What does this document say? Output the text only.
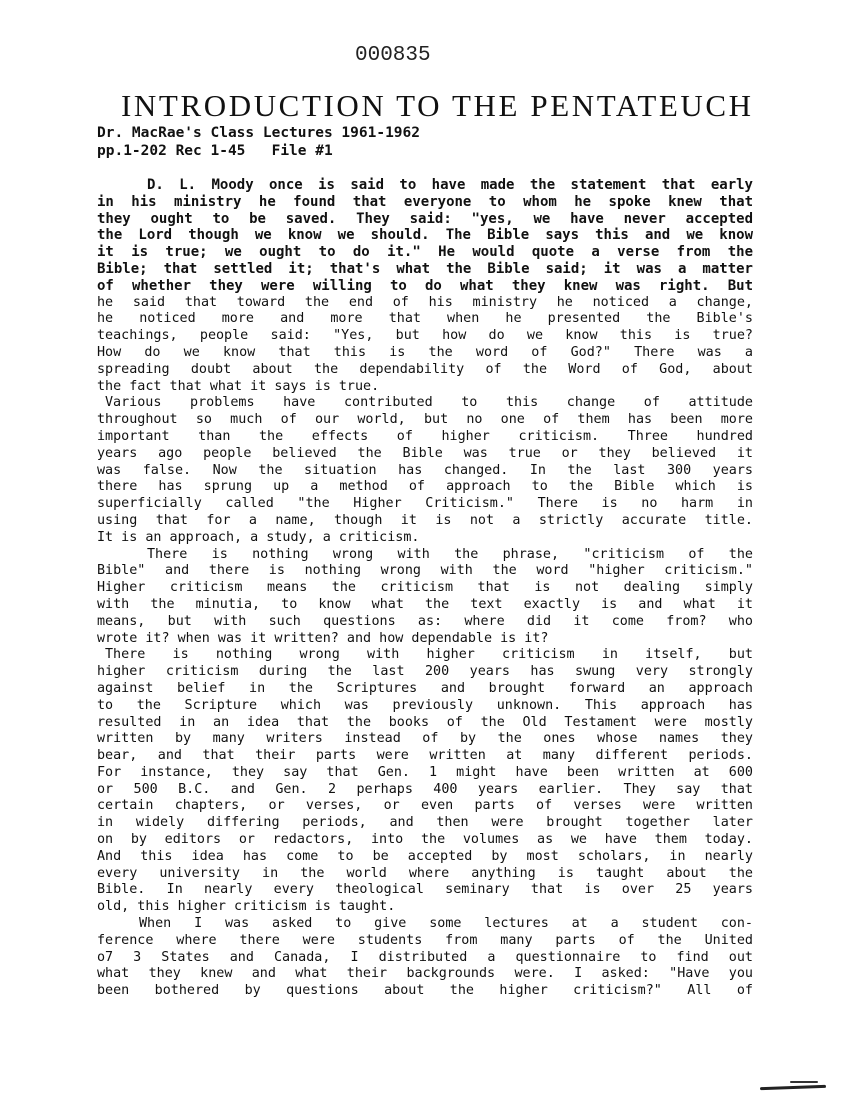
000835
INTRODUCTION TO THE PENTATEUCH
Dr. MacRae's Class Lectures 1961-1962
pp.1-202 Rec 1-45   File #1
D. L. Moody once is said to have made the statement that early
in his ministry he found that everyone to whom he spoke knew that
they ought to be saved. They said: "yes, we have never accepted
the Lord though we know we should. The Bible says this and we know
it is true; we ought to do it." He would quote a verse from the
Bible; that settled it; that's what the Bible said; it was a matter
of whether they were willing to do what they knew was right. But
he said that toward the end of his ministry he noticed a change,
he noticed more and more that when he presented the Bible's
teachings, people said: "Yes, but how do we know this is true?
How do we know that this is the word of God?" There was a
spreading doubt about the dependability of the Word of God, about
the fact that what it says is true.
Various problems have contributed to this change of attitude
throughout so much of our world, but no one of them has been more
important than the effects of higher criticism. Three hundred
years ago people believed the Bible was true or they believed it
was false. Now the situation has changed. In the last 300 years
there has sprung up a method of approach to the Bible which is
superficially called "the Higher Criticism." There is no harm in
using that for a name, though it is not a strictly accurate title.
It is an approach, a study, a criticism.
There is nothing wrong with the phrase, "criticism of the
Bible" and there is nothing wrong with the word "higher criticism."
Higher criticism means the criticism that is not dealing simply
with the minutia, to know what the text exactly is and what it
means, but with such questions as: where did it come from? who
wrote it? when was it written? and how dependable is it?
There is nothing wrong with higher criticism in itself, but
higher criticism during the last 200 years has swung very strongly
against belief in the Scriptures and brought forward an approach
to the Scripture which was previously unknown. This approach has
resulted in an idea that the books of the Old Testament were mostly
written by many writers instead of by the ones whose names they
bear, and that their parts were written at many different periods.
For instance, they say that Gen. 1 might have been written at 600
or 500 B.C. and Gen. 2 perhaps 400 years earlier. They say that
certain chapters, or verses, or even parts of verses were written
in widely differing periods, and then were brought together later
on by editors or redactors, into the volumes as we have them today.
And this idea has come to be accepted by most scholars, in nearly
every university in the world where anything is taught about the
Bible. In nearly every theological seminary that is over 25 years
old, this higher criticism is taught.
When I was asked to give some lectures at a student con-
ference where there were students from many parts of the United
o7 3 States and Canada, I distributed a questionnaire to find out
what they knew and what their backgrounds were. I asked: "Have you
been bothered by questions about the higher criticism?" All of
